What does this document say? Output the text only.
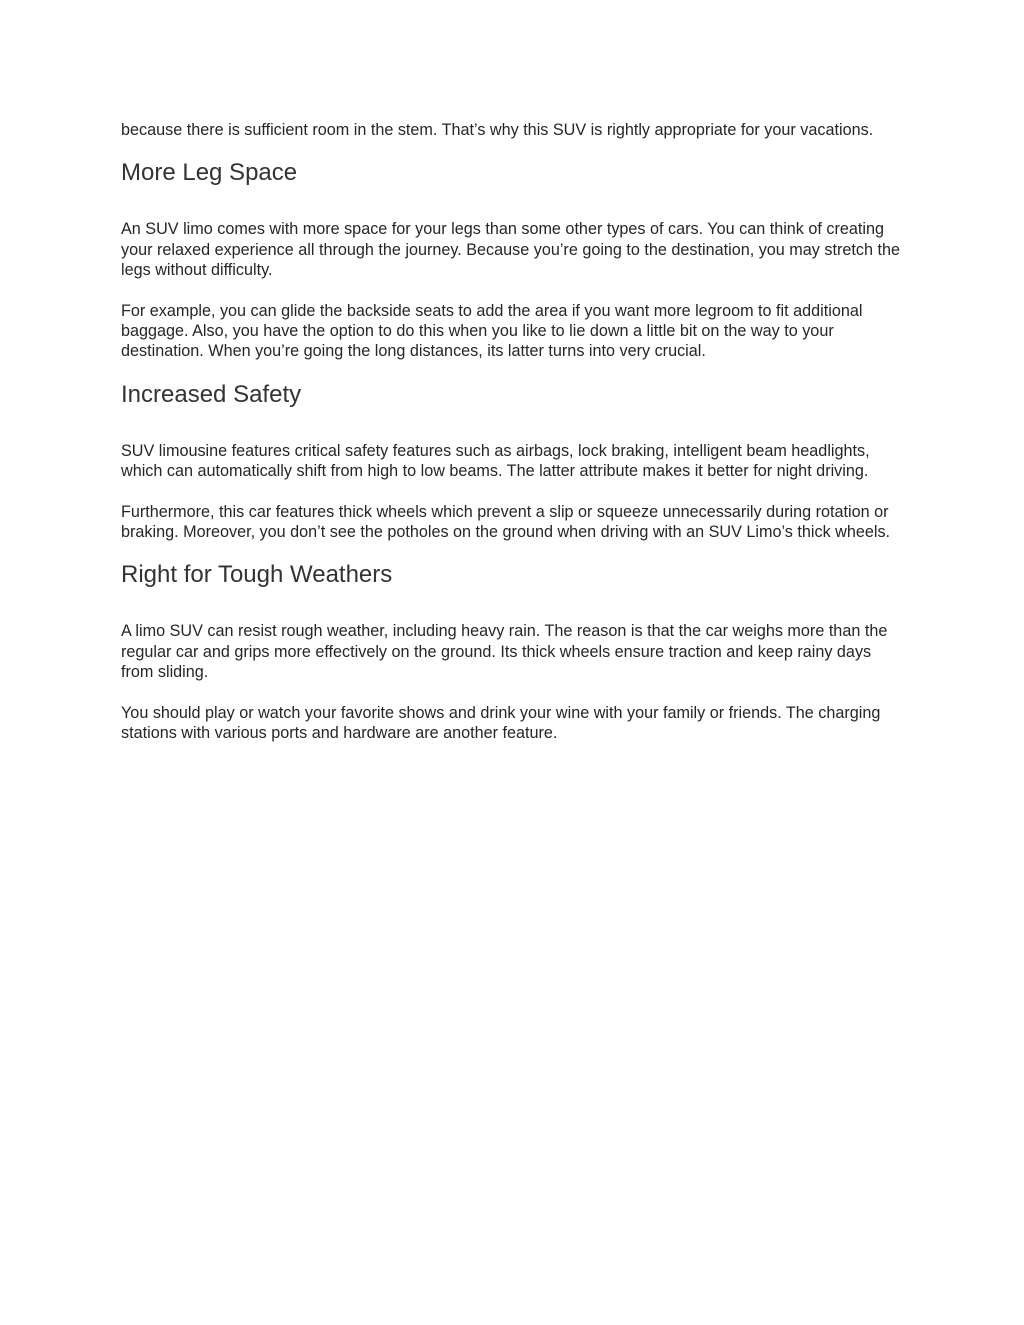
because there is sufficient room in the stem. That’s why this SUV is rightly appropriate for your vacations.

More Leg Space

An SUV limo comes with more space for your legs than some other types of cars. You can think of creating your relaxed experience all through the journey. Because you’re going to the destination, you may stretch the legs without difficulty.

For example, you can glide the backside seats to add the area if you want more legroom to fit additional baggage. Also, you have the option to do this when you like to lie down a little bit on the way to your destination. When you’re going the long distances, its latter turns into very crucial.

Increased Safety

SUV limousine features critical safety features such as airbags, lock braking, intelligent beam headlights, which can automatically shift from high to low beams. The latter attribute makes it better for night driving.

Furthermore, this car features thick wheels which prevent a slip or squeeze unnecessarily during rotation or braking. Moreover, you don’t see the potholes on the ground when driving with an SUV Limo’s thick wheels.

Right for Tough Weathers

A limo SUV can resist rough weather, including heavy rain. The reason is that the car weighs more than the regular car and grips more effectively on the ground. Its thick wheels ensure traction and keep rainy days from sliding.

You should play or watch your favorite shows and drink your wine with your family or friends. The charging stations with various ports and hardware are another feature.
